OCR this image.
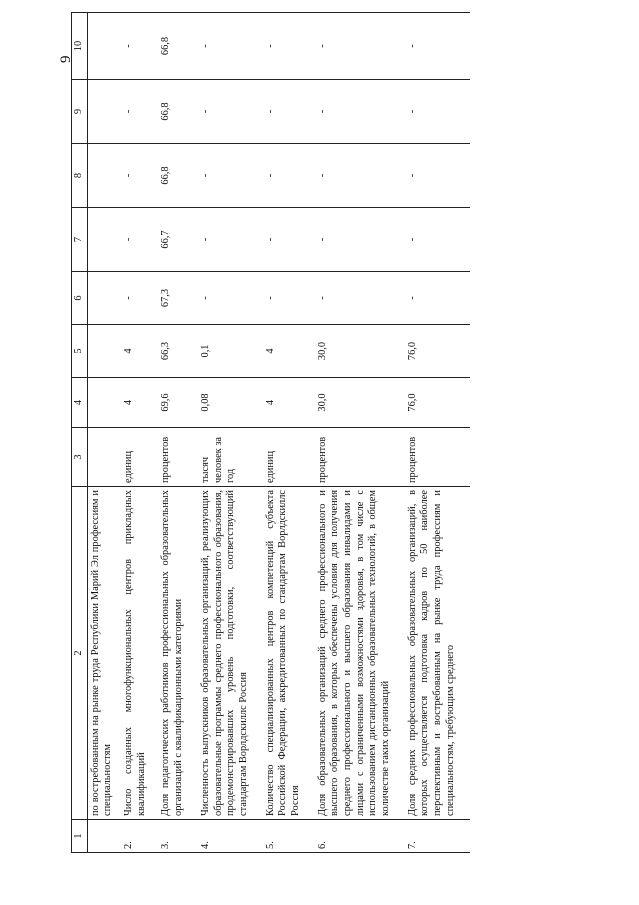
9
1	2	3	4	5	6	7	8	9	10
	по востребованным на рынке труда Республики Марий Эл профессиям и специальностям								
2.	Число созданных многофункциональных центров прикладных квалификаций	единиц	4	4	-	-	-	-	-
3.	Доля педагогических работников профессиональных образовательных организаций с квалификационными категориями	процентов	69,6	66,3	67,3	66,7	66,8	66,8	66,8
4.	Численность выпускников образовательных организаций, реализующих образовательные программы среднего профессионального образования, продемонстрировавших уровень подготовки, соответствующий стандартам Ворлдскиллс Россия	тысяч человек за год	0,08	0,1	-	-	-	-	-
5.	Количество специализированных центров компетенций субъекта Российской Федерации, аккредитованных по стандартам Ворлдскиллс Россия	единиц	4	4	-	-	-	-	-
6.	Доля образовательных организаций среднего профессионального и высшего образования, в которых обеспечены условия для получения среднего профессионального и высшего образования инвалидами и лицами с ограниченными возможностями здоровья, в том числе с использованием дистанционных образовательных технологий, в общем количестве таких организаций	процентов	30,0	30,0	-	-	-	-	-
7.	Доля средних профессиональных образовательных организаций, в которых осуществляется подготовка кадров по 50 наиболее перспективным и востребованным на рынке труда профессиям и специальностям, требующим среднего	процентов	76,0	76,0	-	-	-	-	-
